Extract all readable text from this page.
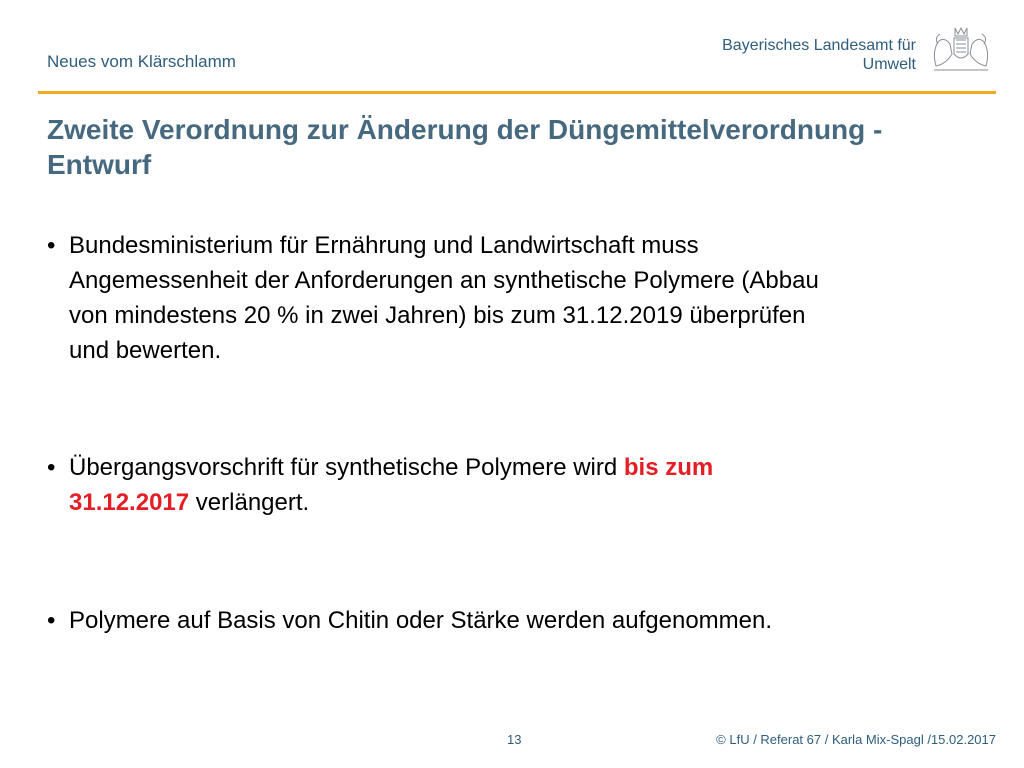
Neues vom Klärschlamm
Bayerisches Landesamt für
Umwelt
Zweite Verordnung zur Änderung der Düngemittelverordnung -
Entwurf
• Bundesministerium für Ernährung und Landwirtschaft muss
Angemessenheit der Anforderungen an synthetische Polymere (Abbau
von mindestens 20 % in zwei Jahren) bis zum 31.12.2019 überprüfen
und bewerten.
• Übergangsvorschrift für synthetische Polymere wird bis zum
31.12.2017 verlängert.
• Polymere auf Basis von Chitin oder Stärke werden aufgenommen.
13	© LfU / Referat 67 / Karla Mix-Spagl /15.02.2017
